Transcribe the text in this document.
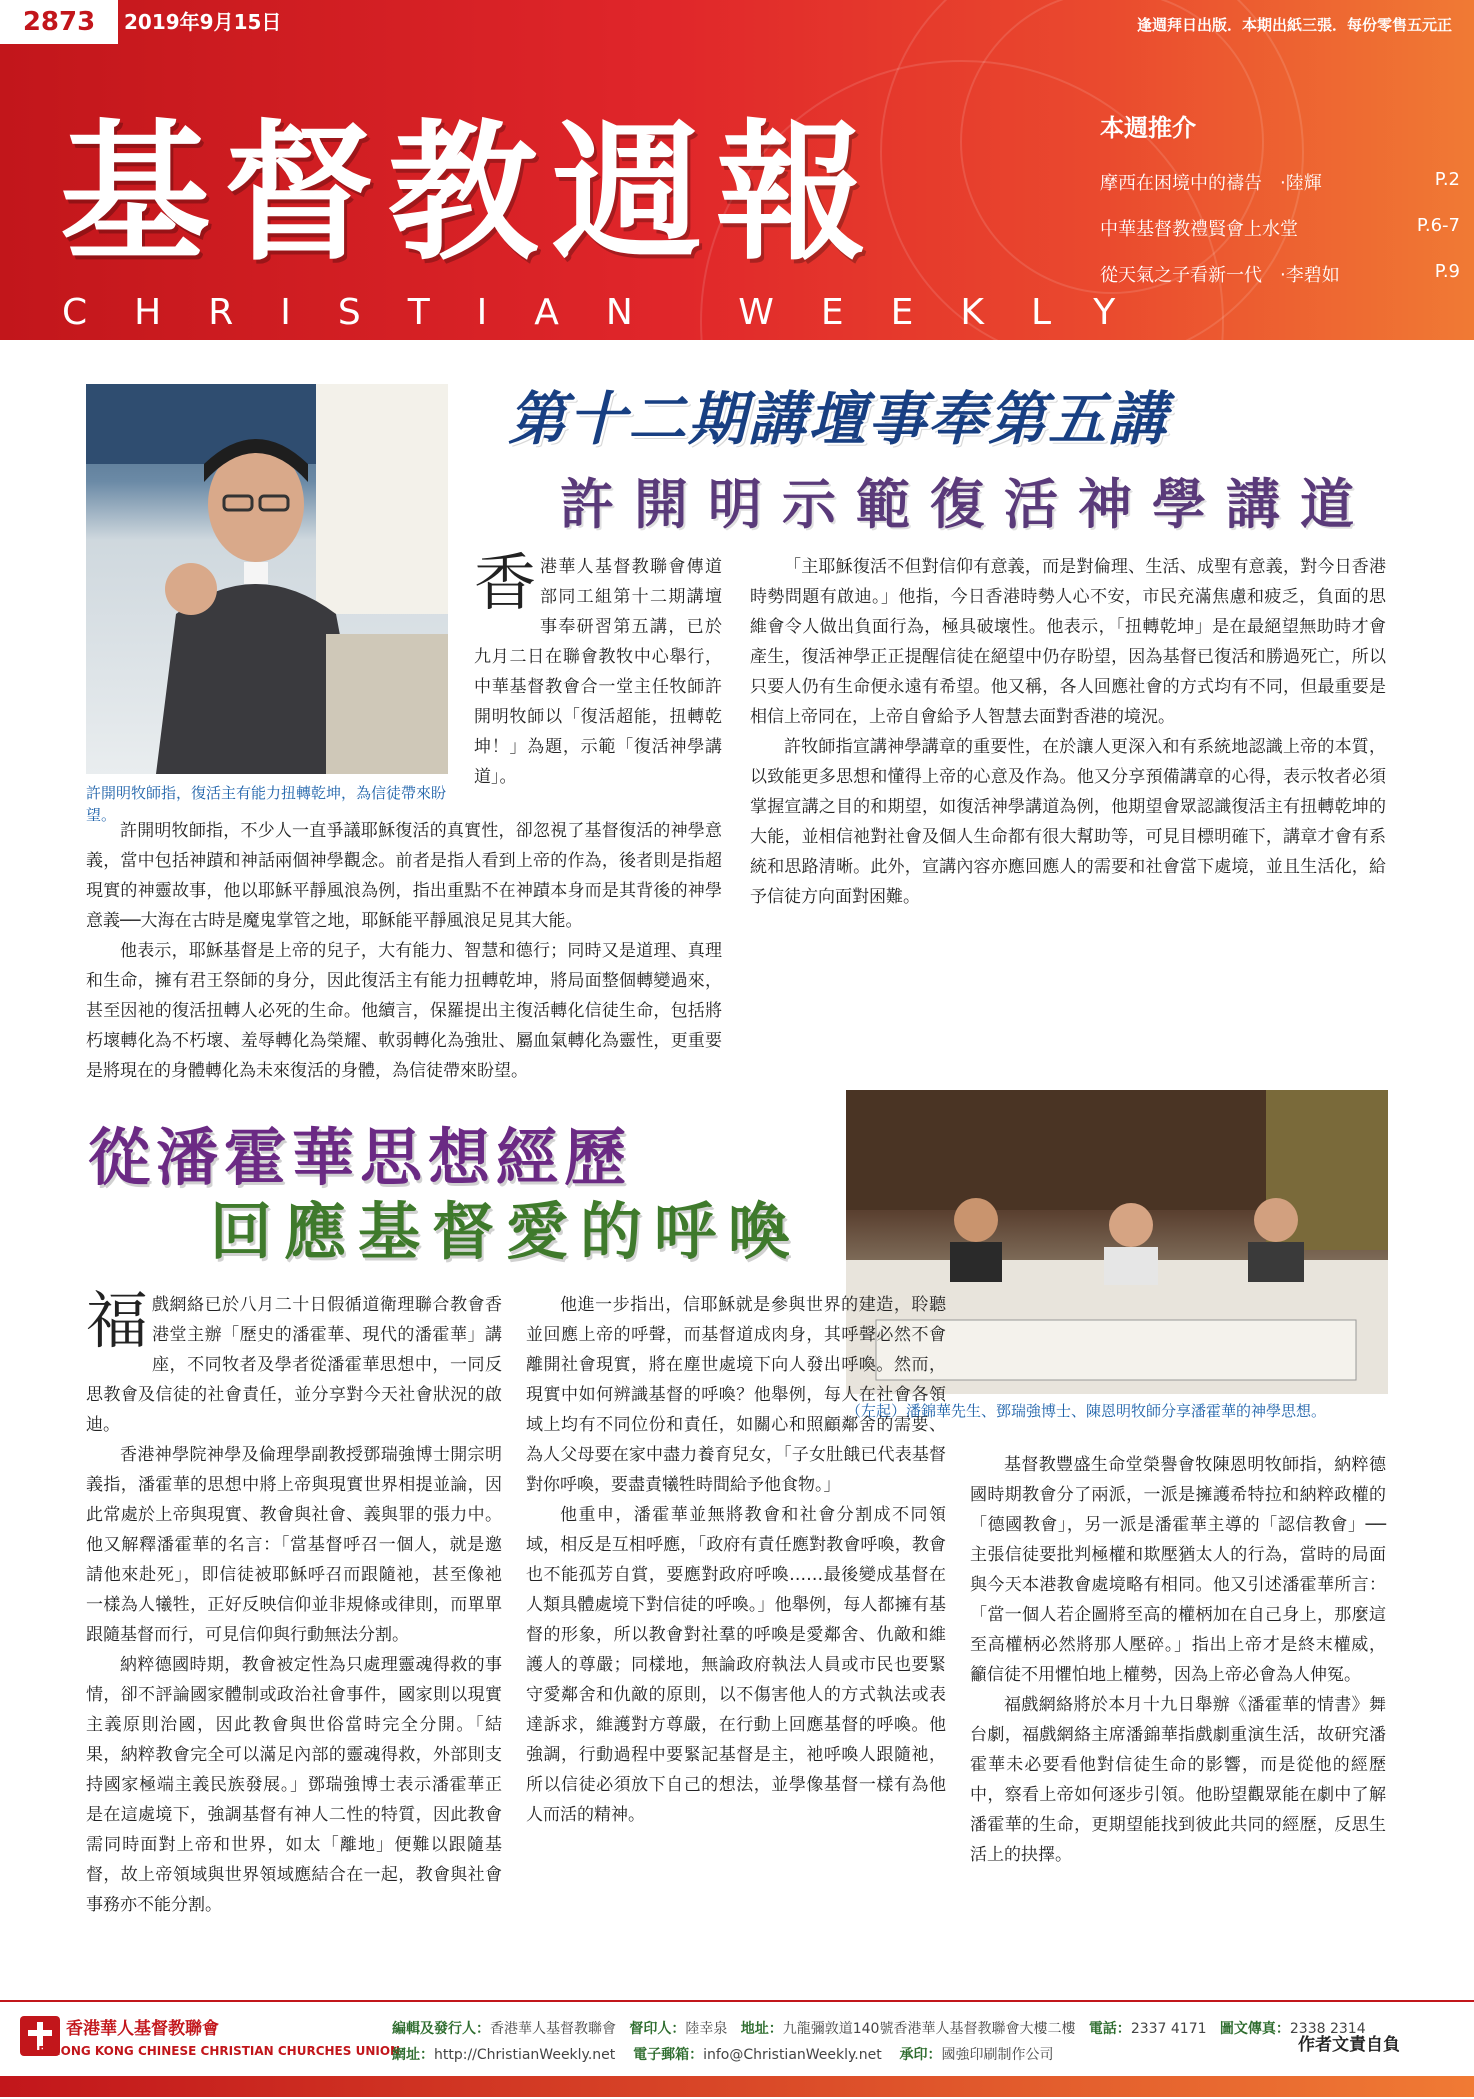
2873	2019年9月15日	逢週拜日出版．本期出紙三張．每份零售五元正
基督教週報
CHRISTIAN WEEKLY
本週推介
摩西在困境中的禱告　‧陸輝	P.2
中華基督教禮賢會上水堂	P.6-7
從天氣之子看新一代　‧李碧如	P.9
許開明牧師指，復活主有能力扭轉乾坤，為信徒帶來盼望。
第十二期講壇事奉第五講
許開明示範復活神學講道

香港華人基督教聯會傳道部同工組第十二期講壇事奉研習第五講，已於九月二日在聯會教牧中心舉行，中華基督教會合一堂主任牧師許開明牧師以「復活超能，扭轉乾坤！」為題，示範「復活神學講道」。

許開明牧師指，不少人一直爭議耶穌復活的真實性，卻忽視了基督復活的神學意義，當中包括神蹟和神話兩個神學觀念。前者是指人看到上帝的作為，後者則是指超現實的神靈故事，他以耶穌平靜風浪為例，指出重點不在神蹟本身而是其背後的神學意義──大海在古時是魔鬼掌管之地，耶穌能平靜風浪足見其大能。

他表示，耶穌基督是上帝的兒子，大有能力、智慧和德行；同時又是道理、真理和生命，擁有君王祭師的身分，因此復活主有能力扭轉乾坤，將局面整個轉變過來，甚至因祂的復活扭轉人必死的生命。他續言，保羅提出主復活轉化信徒生命，包括將朽壞轉化為不朽壞、羞辱轉化為榮耀、軟弱轉化為強壯、屬血氣轉化為靈性，更重要是將現在的身體轉化為未來復活的身體，為信徒帶來盼望。

「主耶穌復活不但對信仰有意義，而是對倫理、生活、成聖有意義，對今日香港時勢問題有啟迪。」他指，今日香港時勢人心不安，市民充滿焦慮和疲乏，負面的思維會令人做出負面行為，極具破壞性。他表示，「扭轉乾坤」是在最絕望無助時才會產生，復活神學正正提醒信徒在絕望中仍存盼望，因為基督已復活和勝過死亡，所以只要人仍有生命便永遠有希望。他又稱，各人回應社會的方式均有不同，但最重要是相信上帝同在，上帝自會給予人智慧去面對香港的境況。

許牧師指宣講神學講章的重要性，在於讓人更深入和有系統地認識上帝的本質，以致能更多思想和懂得上帝的心意及作為。他又分享預備講章的心得，表示牧者必須掌握宣講之目的和期望，如復活神學講道為例，他期望會眾認識復活主有扭轉乾坤的大能，並相信祂對社會及個人生命都有很大幫助等，可見目標明確下，講章才會有系統和思路清晰。此外，宣講內容亦應回應人的需要和社會當下處境，並且生活化，給予信徒方向面對困難。

從潘霍華思想經歷
回應基督愛的呼喚
（左起）潘錦華先生、鄧瑞強博士、陳恩明牧師分享潘霍華的神學思想。

福戲網絡已於八月二十日假循道衛理聯合教會香港堂主辦「歷史的潘霍華、現代的潘霍華」講座，不同牧者及學者從潘霍華思想中，一同反思教會及信徒的社會責任，並分享對今天社會狀況的啟迪。

香港神學院神學及倫理學副教授鄧瑞強博士開宗明義指，潘霍華的思想中將上帝與現實世界相提並論，因此常處於上帝與現實、教會與社會、義與罪的張力中。他又解釋潘霍華的名言：「當基督呼召一個人，就是邀請他來赴死」，即信徒被耶穌呼召而跟隨祂，甚至像祂一樣為人犧牲，正好反映信仰並非規條或律則，而單單跟隨基督而行，可見信仰與行動無法分割。

納粹德國時期，教會被定性為只處理靈魂得救的事情，卻不評論國家體制或政治社會事件，國家則以現實主義原則治國，因此教會與世俗當時完全分開。「結果，納粹教會完全可以滿足內部的靈魂得救，外部則支持國家極端主義民族發展。」鄧瑞強博士表示潘霍華正是在這處境下，強調基督有神人二性的特質，因此教會需同時面對上帝和世界，如太「離地」便難以跟隨基督，故上帝領域與世界領域應結合在一起，教會與社會事務亦不能分割。

他進一步指出，信耶穌就是參與世界的建造，聆聽並回應上帝的呼聲，而基督道成肉身，其呼聲必然不會離開社會現實，將在塵世處境下向人發出呼喚。然而，現實中如何辨識基督的呼喚？他舉例，每人在社會各領域上均有不同位份和責任，如關心和照顧鄰舍的需要、為人父母要在家中盡力養育兒女，「子女肚餓已代表基督對你呼喚，要盡責犧牲時間給予他食物。」

他重申，潘霍華並無將教會和社會分割成不同領域，相反是互相呼應，「政府有責任應對教會呼喚，教會也不能孤芳自賞，要應對政府呼喚……最後變成基督在人類具體處境下對信徒的呼喚。」他舉例，每人都擁有基督的形象，所以教會對社羣的呼喚是愛鄰舍、仇敵和維護人的尊嚴；同樣地，無論政府執法人員或市民也要緊守愛鄰舍和仇敵的原則，以不傷害他人的方式執法或表達訴求，維護對方尊嚴，在行動上回應基督的呼喚。他強調，行動過程中要緊記基督是主，祂呼喚人跟隨祂，所以信徒必須放下自己的想法，並學像基督一樣有為他人而活的精神。

基督教豐盛生命堂榮譽會牧陳恩明牧師指，納粹德國時期教會分了兩派，一派是擁護希特拉和納粹政權的「德國教會」，另一派是潘霍華主導的「認信教會」──主張信徒要批判極權和欺壓猶太人的行為，當時的局面與今天本港教會處境略有相同。他又引述潘霍華所言：「當一個人若企圖將至高的權柄加在自己身上，那麼這至高權柄必然將那人壓碎。」指出上帝才是終末權威，籲信徒不用懼怕地上權勢，因為上帝必會為人伸冤。

福戲網絡將於本月十九日舉辦《潘霍華的情書》舞台劇，福戲網絡主席潘錦華指戲劇重演生活，故研究潘霍華未必要看他對信徒生命的影響，而是從他的經歷中，察看上帝如何逐步引領。他盼望觀眾能在劇中了解潘霍華的生命，更期望能找到彼此共同的經歷，反思生活上的抉擇。

香港華人基督教聯會
THE HONG KONG CHINESE CHRISTIAN CHURCHES UNION
編輯及發行人：香港華人基督教聯會 督印人：陸幸泉 地址：九龍彌敦道140號香港華人基督教聯會大樓二樓 電話：2337 4171 圖文傳真：2338 2314
網址：http://ChristianWeekly.net 電子郵箱：info@ChristianWeekly.net 承印：國強印刷制作公司	作者文責自負
